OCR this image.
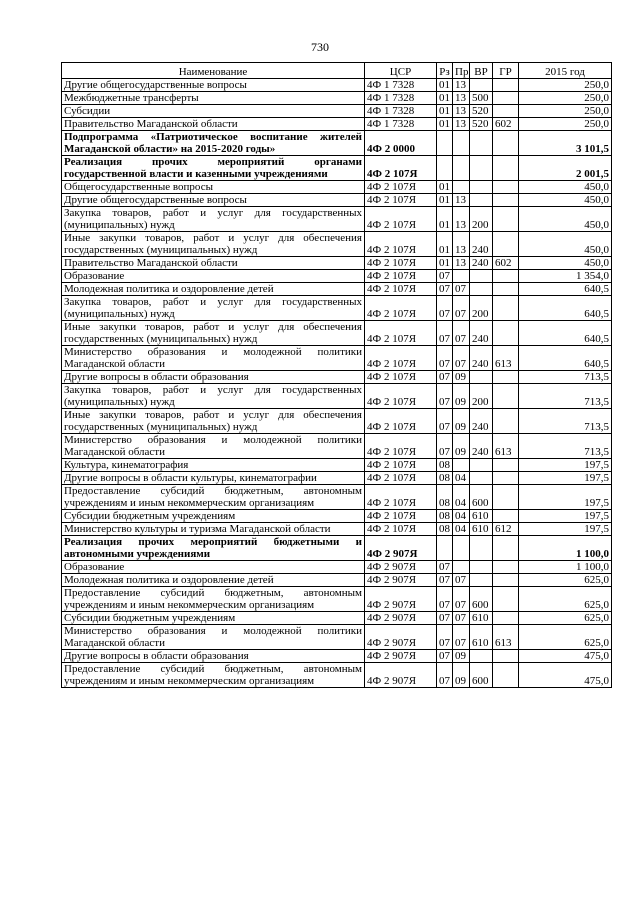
730
Наименование	ЦСР	Рз	Пр	ВР	ГР	2015 год
Другие общегосударственные вопросы	4Ф 1 7328	01	13			250,0
Межбюджетные трансферты	4Ф 1 7328	01	13	500		250,0
Субсидии	4Ф 1 7328	01	13	520		250,0
Правительство Магаданской области	4Ф 1 7328	01	13	520	602	250,0
Подпрограмма «Патриотическое воспитание жителей Магаданской области» на 2015-2020 годы»	4Ф 2 0000					3 101,5
Реализация прочих мероприятий органами государственной власти и казенными учреждениями	4Ф 2 107Я					2 001,5
Общегосударственные вопросы	4Ф 2 107Я	01				450,0
Другие общегосударственные вопросы	4Ф 2 107Я	01	13			450,0
Закупка товаров, работ и услуг для государственных (муниципальных) нужд	4Ф 2 107Я	01	13	200		450,0
Иные закупки товаров, работ и услуг для обеспечения государственных (муниципальных) нужд	4Ф 2 107Я	01	13	240		450,0
Правительство Магаданской области	4Ф 2 107Я	01	13	240	602	450,0
Образование	4Ф 2 107Я	07				1 354,0
Молодежная политика и оздоровление детей	4Ф 2 107Я	07	07			640,5
Закупка товаров, работ и услуг для государственных (муниципальных) нужд	4Ф 2 107Я	07	07	200		640,5
Иные закупки товаров, работ и услуг для обеспечения государственных (муниципальных) нужд	4Ф 2 107Я	07	07	240		640,5
Министерство образования и молодежной политики Магаданской области	4Ф 2 107Я	07	07	240	613	640,5
Другие вопросы в области образования	4Ф 2 107Я	07	09			713,5
Закупка товаров, работ и услуг для государственных (муниципальных) нужд	4Ф 2 107Я	07	09	200		713,5
Иные закупки товаров, работ и услуг для обеспечения государственных (муниципальных) нужд	4Ф 2 107Я	07	09	240		713,5
Министерство образования и молодежной политики Магаданской области	4Ф 2 107Я	07	09	240	613	713,5
Культура, кинематография	4Ф 2 107Я	08				197,5
Другие вопросы в области культуры, кинематографии	4Ф 2 107Я	08	04			197,5
Предоставление субсидий бюджетным, автономным учреждениям и иным некоммерческим организациям	4Ф 2 107Я	08	04	600		197,5
Субсидии бюджетным учреждениям	4Ф 2 107Я	08	04	610		197,5
Министерство культуры и туризма Магаданской области	4Ф 2 107Я	08	04	610	612	197,5
Реализация прочих мероприятий бюджетными и автономными учреждениями	4Ф 2 907Я					1 100,0
Образование	4Ф 2 907Я	07				1 100,0
Молодежная политика и оздоровление детей	4Ф 2 907Я	07	07			625,0
Предоставление субсидий бюджетным, автономным учреждениям и иным некоммерческим организациям	4Ф 2 907Я	07	07	600		625,0
Субсидии бюджетным учреждениям	4Ф 2 907Я	07	07	610		625,0
Министерство образования и молодежной политики Магаданской области	4Ф 2 907Я	07	07	610	613	625,0
Другие вопросы в области образования	4Ф 2 907Я	07	09			475,0
Предоставление субсидий бюджетным, автономным учреждениям и иным некоммерческим организациям	4Ф 2 907Я	07	09	600		475,0
